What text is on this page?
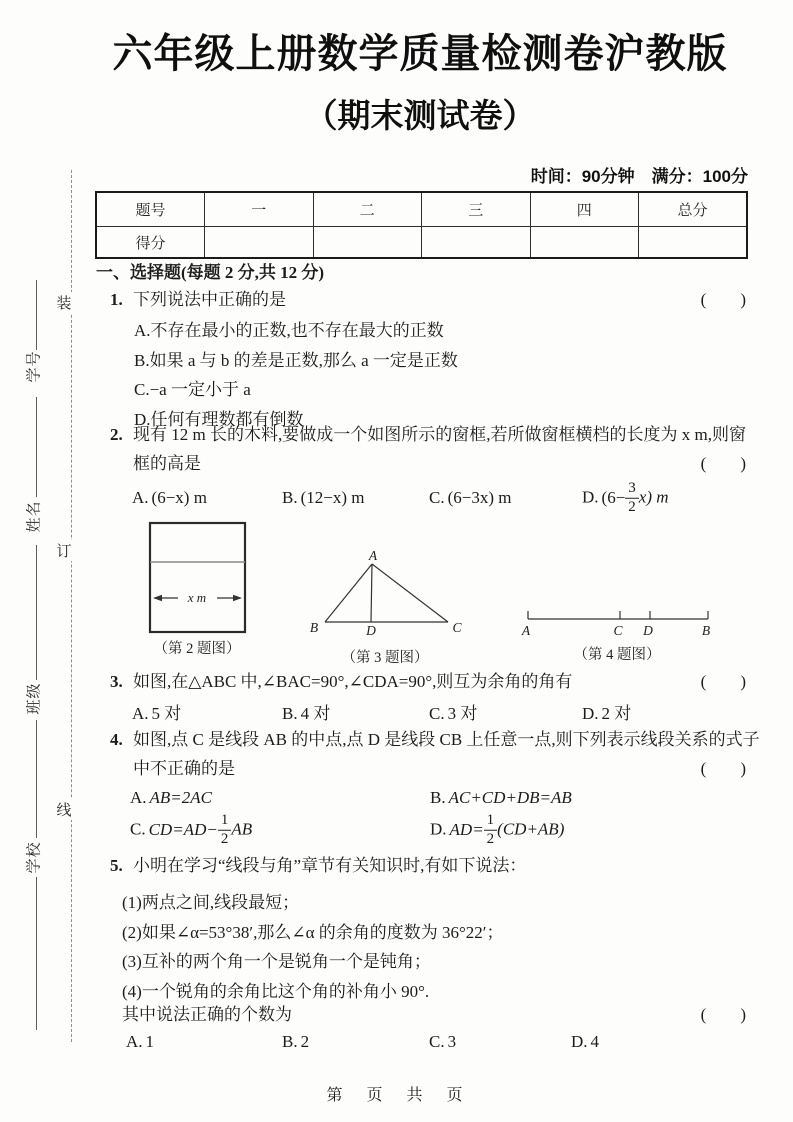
装
订
线
学号
姓名
班级
学校
六年级上册数学质量检测卷沪教版
（期末测试卷）
时间：90分钟　满分：100分
题号	一	二	三	四	总分
得分					
一、选择题(每题 2 分,共 12 分)
1. 下列说法中正确的是	(　　)
A.不存在最小的正数,也不存在最大的正数
B.如果 a 与 b 的差是正数,那么 a 一定是正数
C.−a 一定小于 a
D.任何有理数都有倒数
2. 现有 12 m 长的木料,要做成一个如图所示的窗框,若所做窗框横档的长度为 x m,则窗
框的高是	(　　)
A. (6−x) m	B. (12−x) m	C. (6−3x) m	D. $(6- \frac{3}{2} x)$ m
x m
（第 2 题图）
A
B	D	C
（第 3 题图）
A	C D	B
（第 4 题图）
3. 如图,在△ABC 中,∠BAC=90°,∠CDA=90°,则互为余角的角有	(　　)
A. 5 对	B. 4 对	C. 3 对	D. 2 对
4. 如图,点 C 是线段 AB 的中点,点 D 是线段 CB 上任意一点,则下列表示线段关系的式子
中不正确的是	(　　)
A. AB=2AC	B. AC+CD+DB=AB
C. $CD=AD- \frac{1}{2}$ AB	D. $AD= \frac{1}{2} (CD+AB)$
5. 小明在学习“线段与角”章节有关知识时,有如下说法：
(1)两点之间,线段最短；
(2)如果∠α=53°38′,那么∠α 的余角的度数为 36°22′；
(3)互补的两个角一个是锐角一个是钝角；
(4)一个锐角的余角比这个角的补角小 90°.
其中说法正确的个数为	(　　)
A. 1	B. 2	C. 3	D. 4
第　页　共　页
